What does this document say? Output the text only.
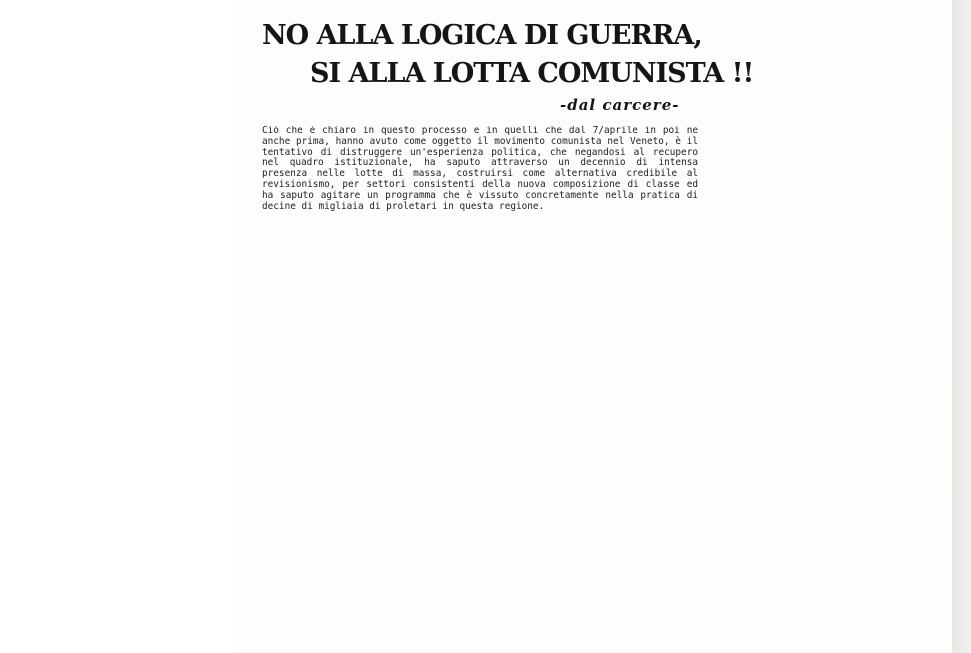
NO ALLA LOGICA DI GUERRA,
SI ALLA LOTTA COMUNISTA !!
-dal carcere-

Ciò che è chiaro in questo processo e in quelli che dal 7/aprile in poi ne anche prima, hanno avuto come oggetto il movimento comunista nel Veneto, è il tentativo di distruggere un'esperienza politica, che negandosi al recupero nel quadro istituzionale, ha saputo attraverso un decennio di intensa presenza nelle lotte di massa, costruirsi come alternativa credibile al revisionismo, per settori consistenti della nuova composizione di classe ed ha saputo agitare un programma che è vissuto concretamente nella pratica di decine di migliaia di proletari in questa regione.
